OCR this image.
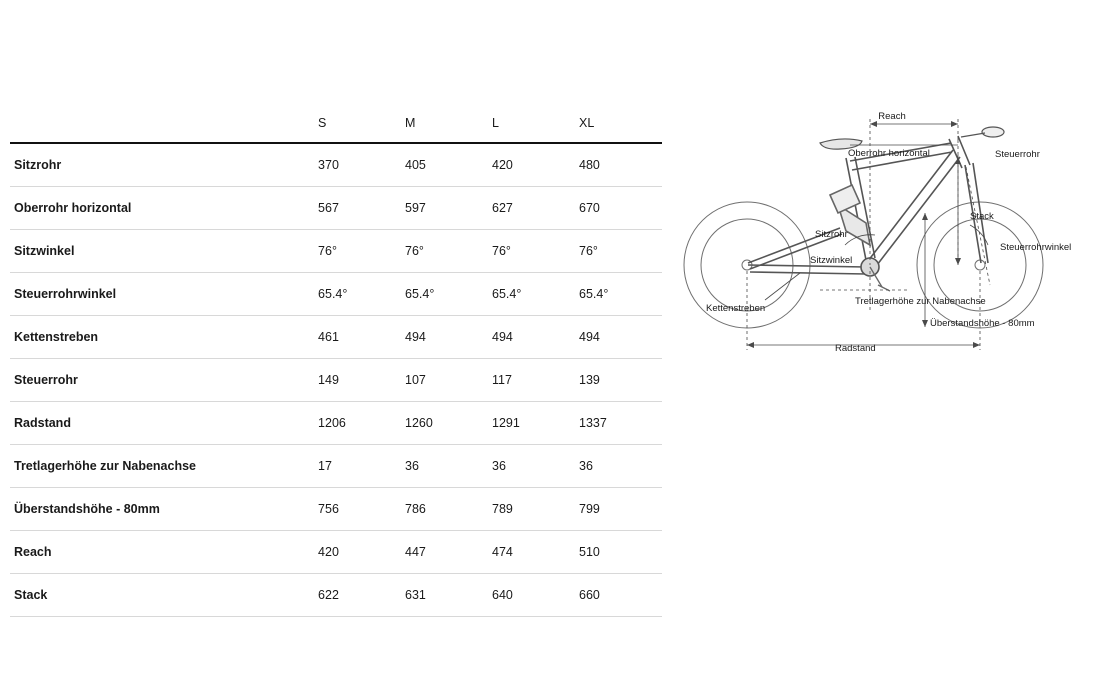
	S	M	L	XL
Sitzrohr	370	405	420	480
Oberrohr horizontal	567	597	627	670
Sitzwinkel	76°	76°	76°	76°
Steuerrohrwinkel	65.4°	65.4°	65.4°	65.4°
Kettenstreben	461	494	494	494
Steuerrohr	149	107	117	139
Radstand	1206	1260	1291	1337
Tretlagerhöhe zur Nabenachse	17	36	36	36
Überstandshöhe - 80mm	756	786	789	799
Reach	420	447	474	510
Stack	622	631	640	660
Reach
Oberrohr horizontal	Steuerrohr
Sitzrohr
Sitzwinkel
Stack
Steuerrohrwinkel
Kettenstreben
Tretlagerhöhe zur Nabenachse
Überstandshöhe - 80mm
Radstand
